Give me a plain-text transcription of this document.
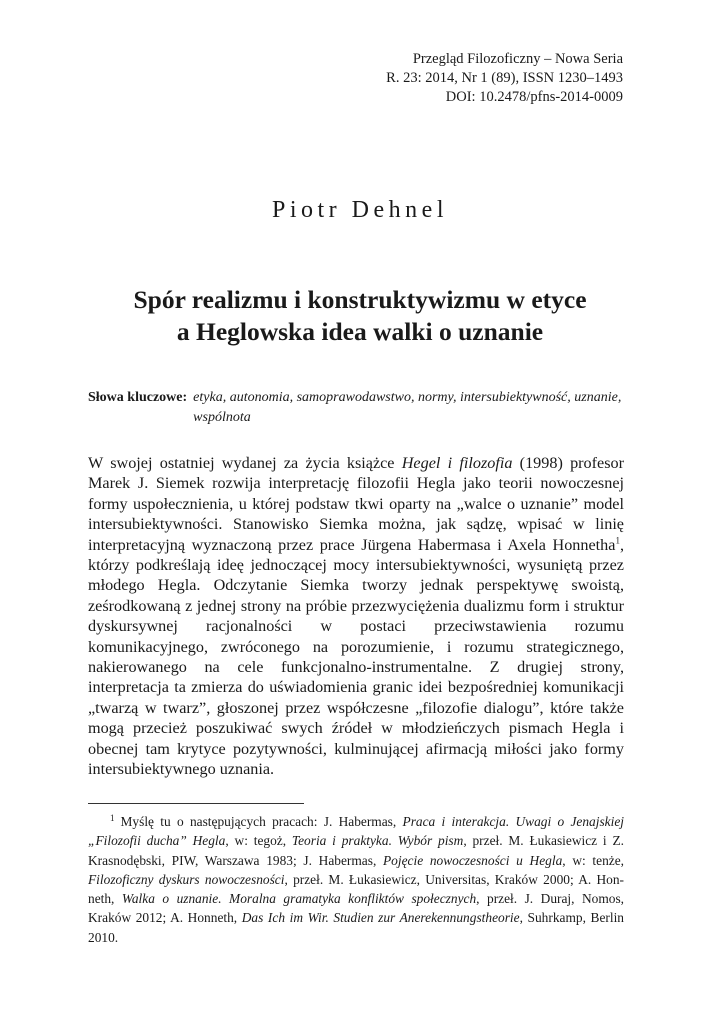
Przegląd Filozoficzny – Nowa Seria
R. 23: 2014, Nr 1 (89), ISSN 1230–1493
DOI: 10.2478/pfns-2014-0009
Piotr Dehnel
Spór realizmu i konstruktywizmu w etyce
a Heglowska idea walki o uznanie
Słowa kluczowe: etyka, autonomia, samoprawodawstwo, normy, intersubiektywność, uznanie, wspólnota

W swojej ostatniej wydanej za życia książce Hegel i filozofia (1998) profesor Marek J. Siemek rozwija interpretację filozofii Hegla jako teorii nowoczesnej formy uspołecznienia, u której podstaw tkwi oparty na „walce o uznanie” model intersubiektywności. Stanowisko Siemka można, jak sądzę, wpisać w linię interpretacyjną wyznaczoną przez prace Jürgena Habermasa i Axela Honnetha$^1$, którzy podkreślają ideę jednoczącej mocy intersubiektywności, wysuniętą przez młodego Hegla. Odczytanie Siemka tworzy jednak perspektywę swoistą, ześrodkowaną z jednej strony na próbie przezwyciężenia dualizmu form i struktur dyskursywnej racjonalności w postaci przeciwstawienia rozumu komunikacyjnego, zwróconego na porozumienie, i rozumu strategicznego, nakierowanego na cele funkcjonalno-instrumentalne. Z drugiej strony, interpretacja ta zmierza do uświadomienia granic idei bezpośredniej komunikacji „twarzą w twarz”, głoszonej przez współczesne „filozofie dialogu”, które także mogą przecież poszukiwać swych źródeł w młodzieńczych pismach Hegla i obecnej tam krytyce pozytywności, kulminującej afirmacją miłości jako formy intersubiektywnego uznania.

$^1$ Myślę tu o następujących pracach: J. Habermas, Praca i interakcja. Uwagi o Jenajskiej „Filozofii ducha” Hegla, w: tegoż, Teoria i praktyka. Wybór pism, przeł. M. Łukasiewicz i Z. Krasnodębski, PIW, Warszawa 1983; J. Habermas, Pojęcie nowoczesności u Hegla, w: tenże, Filozoficzny dyskurs nowoczesności, przeł. M. Łukasiewicz, Universitas, Kraków 2000; A. Honneth, Walka o uznanie. Moralna gramatyka konfliktów społecznych, przeł. J. Duraj, Nomos, Kraków 2012; A. Honneth, Das Ich im Wir. Studien zur Anerekennungstheorie, Suhrkamp, Berlin 2010.
